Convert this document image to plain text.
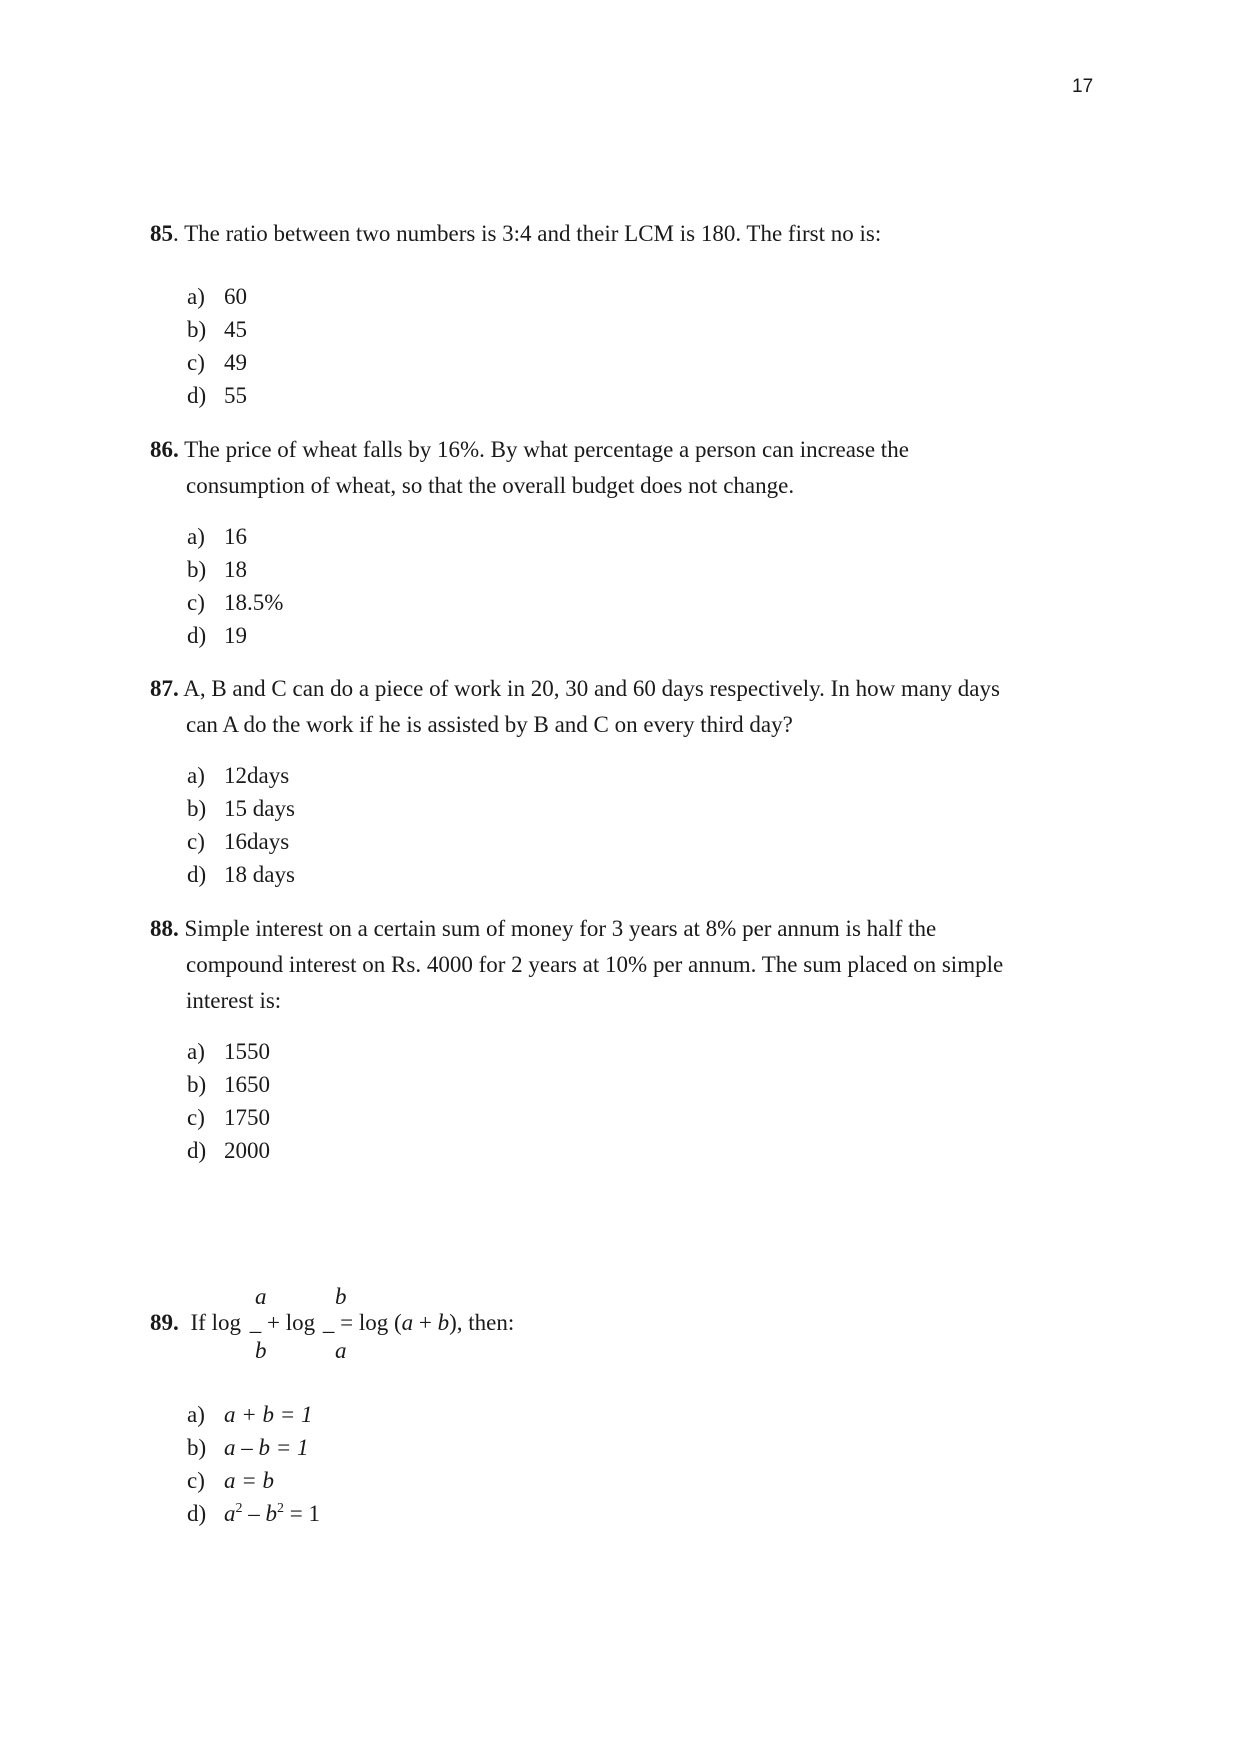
17
85. The ratio between two numbers is 3:4 and their LCM is 180. The first no is:
a) 60
b) 45
c) 49
d) 55
86. The price of wheat falls by 16%. By what percentage a person can increase the
consumption of wheat, so that the overall budget does not change.
a) 16
b) 18
c) 18.5%
d) 19
87. A, B and C can do a piece of work in 20, 30 and 60 days respectively. In how many days
can A do the work if he is assisted by B and C on every third day?
a) 12days
b) 15 days
c) 16days
d) 18 days
88. Simple interest on a certain sum of money for 3 years at 8% per annum is half the
compound interest on Rs. 4000 for 2 years at 10% per annum. The sum placed on simple
interest is:
a) 1550
b) 1650
c) 1750
d) 2000
a	b
89. If log _ + log _ = log (a + b), then:
b	a
a) a + b = 1
b) a – b = 1
c) a = b
d) $a^2 - b^2 = 1$
